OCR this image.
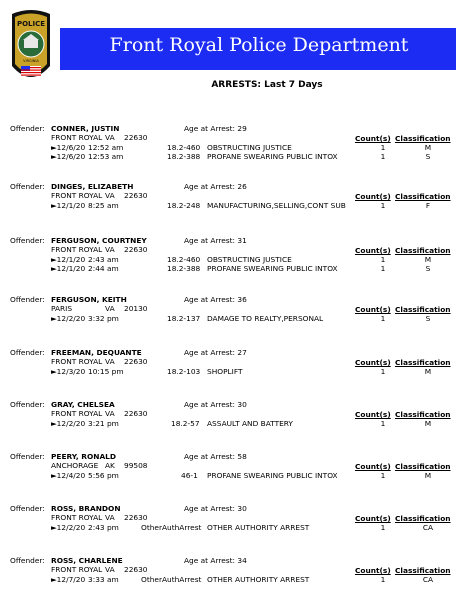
POLICE
VIRGINIA
Front Royal Police Department
ARRESTS: Last 7 Days
Offender: CONNER, JUSTIN	Age at Arrest: 29
FRONT ROYAL VA 22630	Count(s) Classification
►12/6/20 12:52 am	18.2-460 OBSTRUCTING JUSTICE	1	M
►12/6/20 12:53 am	18.2-388 PROFANE SWEARING PUBLIC INTOX	1	S
Offender: DINGES, ELIZABETH	Age at Arrest: 26
FRONT ROYAL VA 22630	Count(s) Classification
►12/1/20 8:25 am	18.2-248 MANUFACTURING,SELLING,CONT SUB	1	F
Offender: FERGUSON, COURTNEY	Age at Arrest: 31
FRONT ROYAL VA 22630	Count(s) Classification
►12/1/20 2:43 am	18.2-460 OBSTRUCTING JUSTICE	1	M
►12/1/20 2:44 am	18.2-388 PROFANE SWEARING PUBLIC INTOX	1	S
Offender: FERGUSON, KEITH	Age at Arrest: 36
PARIS	VA 20130	Count(s) Classification
►12/2/20 3:32 pm	18.2-137 DAMAGE TO REALTY,PERSONAL	1	S
Offender: FREEMAN, DEQUANTE	Age at Arrest: 27
FRONT ROYAL VA 22630	Count(s) Classification
►12/3/20 10:15 pm	18.2-103 SHOPLIFT	1	M
Offender: GRAY, CHELSEA	Age at Arrest: 30
FRONT ROYAL VA 22630	Count(s) Classification
►12/2/20 3:21 pm	18.2-57 ASSAULT AND BATTERY	1	M
Offender: PEERY, RONALD	Age at Arrest: 58
ANCHORAGE AK 99508	Count(s) Classification
►12/4/20 5:56 pm	46-1 PROFANE SWEARING PUBLIC INTOX	1	M
Offender: ROSS, BRANDON	Age at Arrest: 30
FRONT ROYAL VA 22630	Count(s) Classification
►12/2/20 2:43 pm	OtherAuthArrest OTHER AUTHORITY ARREST	1	CA
Offender: ROSS, CHARLENE	Age at Arrest: 34
FRONT ROYAL VA 22630	Count(s) Classification
►12/7/20 3:33 am	OtherAuthArrest OTHER AUTHORITY ARREST	1	CA
